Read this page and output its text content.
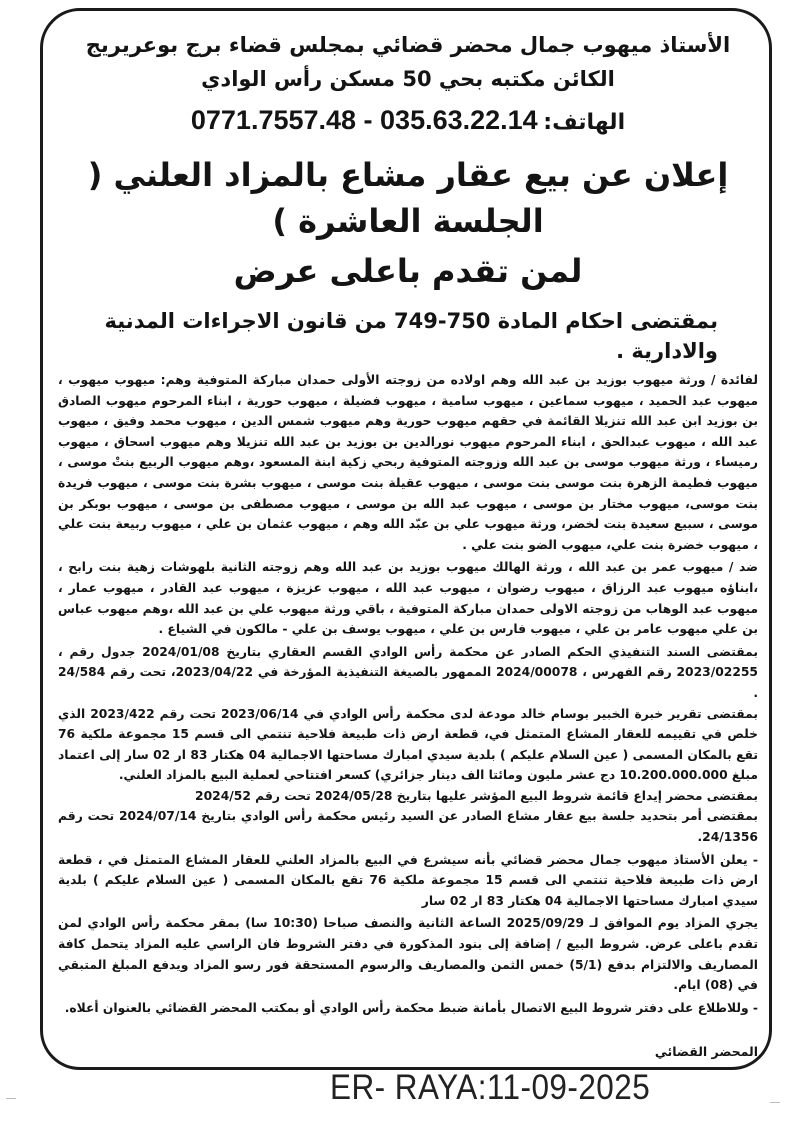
الأستاذ ميهوب جمال محضر قضائي بمجلس قضاء برج بوعريريج
الكائن مكتبه بحي 50 مسكن رأس الوادي
الهاتف: 0771.7557.48 - 035.63.22.14
إعلان عن بيع عقار مشاع بالمزاد العلني ( الجلسة العاشرة )
لمن تقدم باعلى عرض
بمقتضى احكام المادة 750-749 من قانون الاجراءات المدنية والادارية .

لفائدة / ورثة ميهوب بوزيد بن عبد الله وهم اولاده من زوجته الأولى حمدان مباركة المتوفية وهم: ميهوب ميهوب ، ميهوب عبد الحميد ، ميهوب سماعين ، ميهوب سامية ، ميهوب فضيلة ، ميهوب حورية ، ابناء المرحوم ميهوب الصادق بن بوزيد ابن عبد الله تنزيلا القائمة في حقهم ميهوب حورية وهم ميهوب شمس الدين ، ميهوب محمد وفيق ، ميهوب عبد الله ، ميهوب عبدالحق ، ابناء المرحوم ميهوب نورالدين بن بوزيد بن عبد الله تنزيلا وهم ميهوب اسحاق ، ميهوب رميساء ، ورثة ميهوب موسى بن عبد الله وزوجته المتوفية ربحي زكية ابنة المسعود ،وهم ميهوب الربيع بنتْ موسى ، ميهوب فطيمة الزهرة بنت موسى بنت موسى ، ميهوب عقيلة بنت موسى ، ميهوب بشرة بنت موسى ، ميهوب فريدة بنت موسى، ميهوب مختار بن موسى ، ميهوب عبد الله بن موسى ، ميهوب مصطفى بن موسى ، ميهوب بوبكر بن موسى ، سبيع سعيدة بنت لخضر، ورثة ميهوب علي بن عبّد الله وهم ، ميهوب عثمان بن علي ، ميهوب ربيعة بنت علي ، ميهوب خضرة بنت علي، ميهوب الضو بنت علي .

ضد / ميهوب عمر بن عبد الله ، ورثة الهالك ميهوب بوزيد بن عبد الله وهم زوجته الثانية بلهوشات زهية بنت رابح ، ،ابناؤه ميهوب عبد الرزاق ، ميهوب رضوان ، ميهوب عبد الله ، ميهوب عزيزة ، ميهوب عبد القادر ، ميهوب عمار ، ميهوب عبد الوهاب من زوجته الاولى حمدان مباركة المتوفية ، باقي ورثة ميهوب علي بن عبد الله ،وهم ميهوب عباس بن علي ميهوب عامر بن علي ، ميهوب فارس بن علي ، ميهوب يوسف بن علي - مالكون في الشياع .

بمقتضى السند التنفيذي الحكم الصادر عن محكمة رأس الوادي القسم العقاري بتاريخ 2024/01/08 جدول رقم ، 2023/02255 رقم الفهرس ، 2024/00078 الممهور بالصيغة التنفيذية المؤرخة في 2023/04/22، تحت رقم 24/584 .

بمقتضى تقرير خبرة الخبير بوسام خالد مودعة لدى محكمة رأس الوادي في 2023/06/14 تحت رقم 2023/422 الذي خلص في تقييمه للعقار المشاع المتمثل في، قطعة ارض ذات طبيعة فلاحية تنتمي الى قسم 15 مجموعة ملكية 76 تقع بالمكان المسمى ( عين السلام عليكم ) بلدية سيدي امبارك مساحتها الاجمالية 04 هكتار 83 ار 02 سار إلى اعتماد مبلغ 10.200.000.000 دج عشر مليون ومائتا الف دينار جزائري) كسعر افتتاحي لعملية البيع بالمزاد العلني.

بمقتضى محضر إيداع قائمة شروط البيع المؤشر عليها بتاريخ 2024/05/28 تحت رقم 2024/52

بمقتضى أمر بتحديد جلسة بيع عقار مشاع الصادر عن السيد رئيس محكمة رأس الوادي بتاريخ 2024/07/14 تحت رقم 24/1356.

- يعلن الأستاذ ميهوب جمال محضر قضائي بأنه سيشرع في البيع بالمزاد العلني للعقار المشاع المتمثل في ، قطعة ارض ذات طبيعة فلاحية تنتمي الى قسم 15 مجموعة ملكية 76 تقع بالمكان المسمى ( عين السلام عليكم ) بلدية سيدي امبارك مساحتها الاجمالية 04 هكتار 83 ار 02 سار

يجري المزاد يوم الموافق لـ 2025/09/29 الساعة الثانية والنصف صباحا (10:30 سا) بمقر محكمة رأس الوادي لمن تقدم باعلى عرض. شروط البيع / إضافة إلى بنود المذكورة في دفتر الشروط فان الراسي عليه المزاد يتحمل كافة المصاريف والالتزام بدفع (5/1) خمس الثمن والمصاريف والرسوم المستحقة فور رسو المزاد ويدفع المبلغ المتبقي في (08) ايام.

- وللاطلاع على دفتر شروط البيع الاتصال بأمانة ضبط محكمة رأس الوادي أو بمكتب المحضر القضائي بالعنوان أعلاه.

المحضر القضائي
ER- RAYA:11-09-2025
